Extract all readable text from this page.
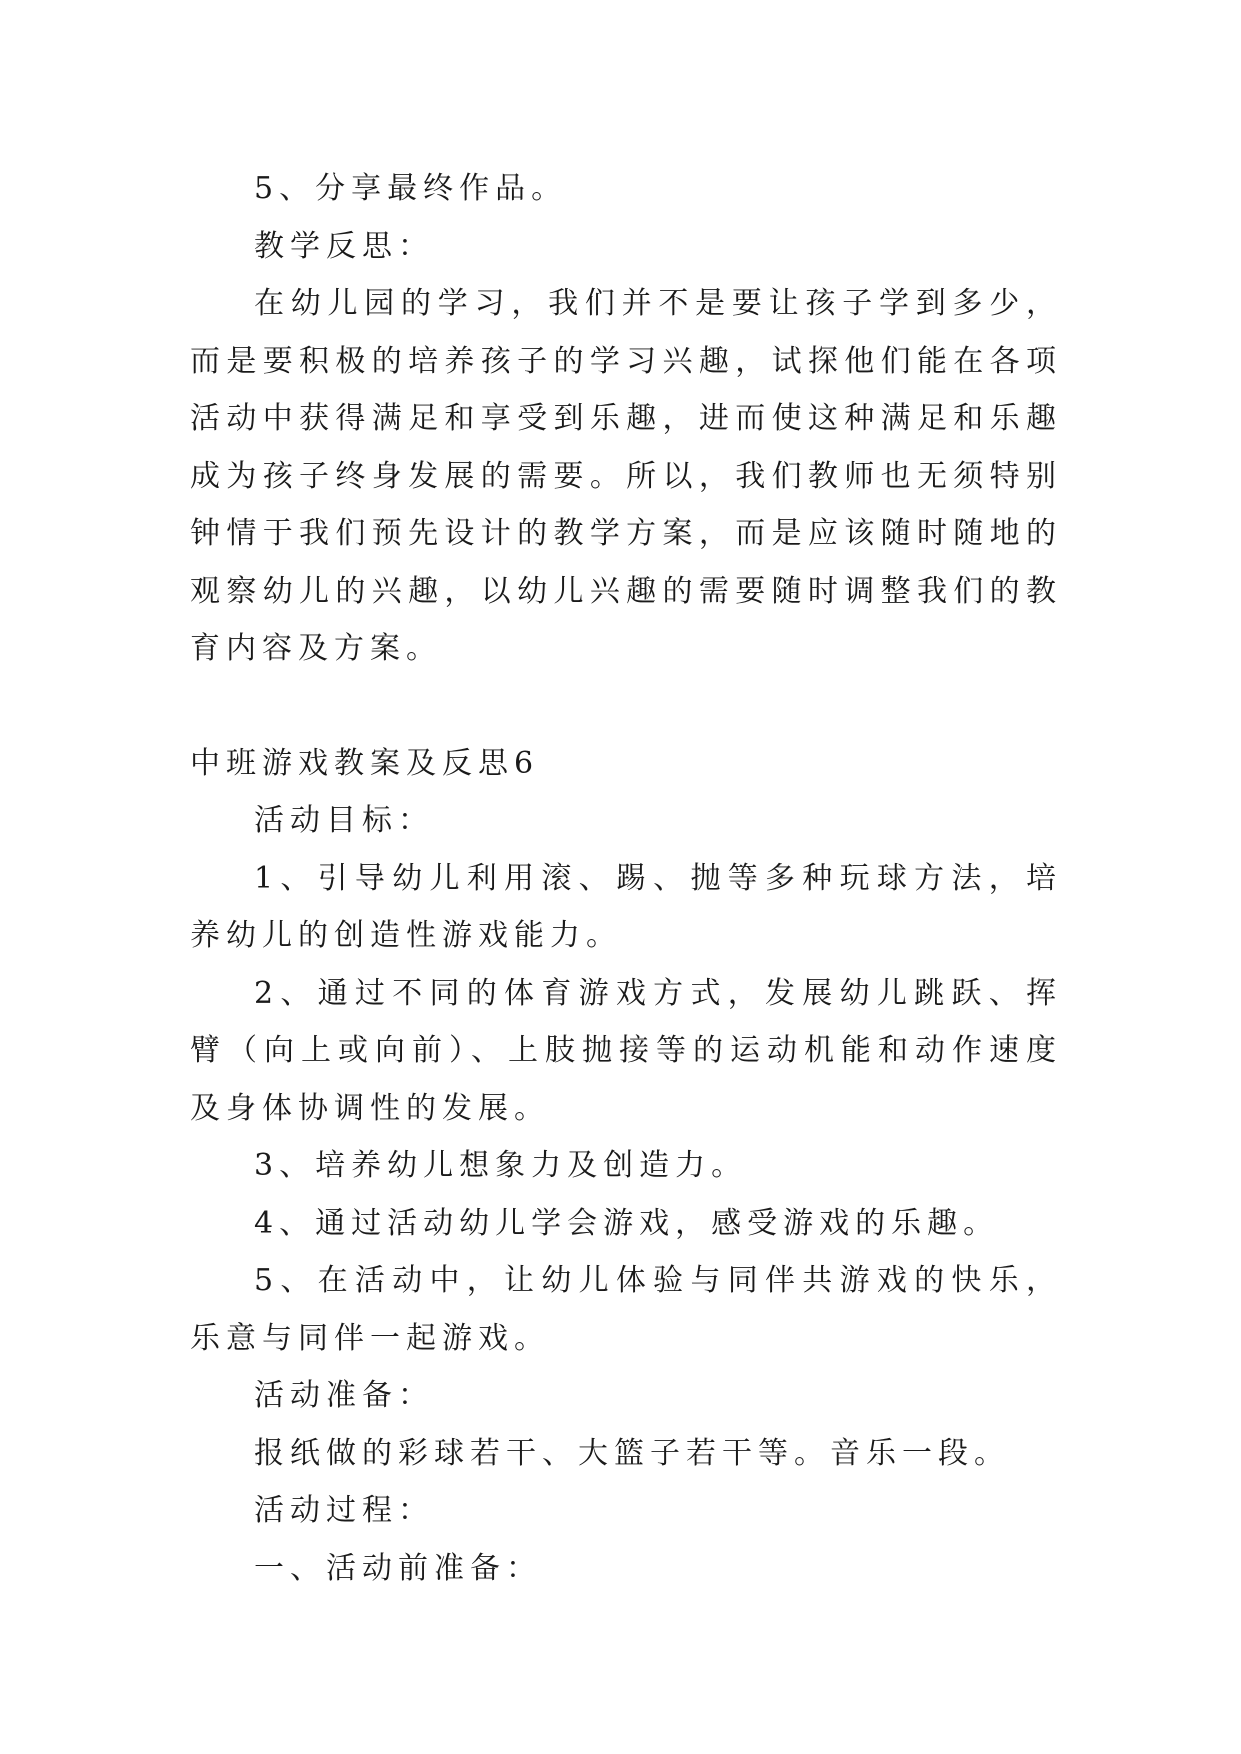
5、分享最终作品。

教学反思：

在幼儿园的学习，我们并不是要让孩子学到多少，而是要积极的培养孩子的学习兴趣，试探他们能在各项活动中获得满足和享受到乐趣，进而使这种满足和乐趣成为孩子终身发展的需要。所以，我们教师也无须特别钟情于我们预先设计的教学方案，而是应该随时随地的观察幼儿的兴趣，以幼儿兴趣的需要随时调整我们的教育内容及方案。

中班游戏教案及反思6

活动目标：

1、引导幼儿利用滚、踢、抛等多种玩球方法，培养幼儿的创造性游戏能力。

2、通过不同的体育游戏方式，发展幼儿跳跃、挥臂（向上或向前）、上肢抛接等的运动机能和动作速度及身体协调性的发展。

3、培养幼儿想象力及创造力。

4、通过活动幼儿学会游戏，感受游戏的乐趣。

5、在活动中，让幼儿体验与同伴共游戏的快乐，乐意与同伴一起游戏。

活动准备：

报纸做的彩球若干、大篮子若干等。音乐一段。

活动过程：

一、活动前准备：
